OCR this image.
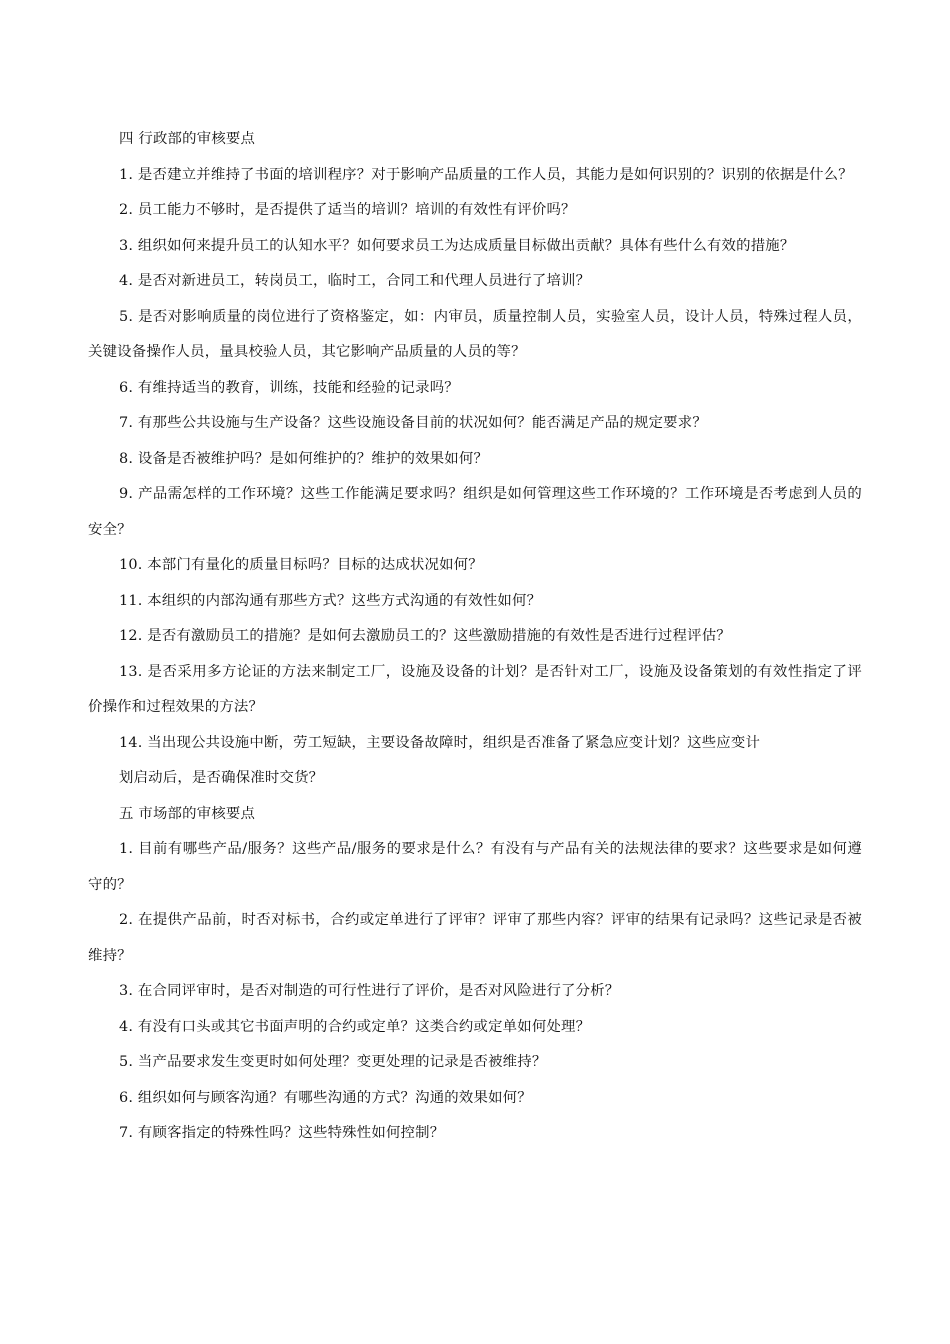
四 行政部的审核要点

1. 是否建立并维持了书面的培训程序？对于影响产品质量的工作人员，其能力是如何识别的？识别的依据是什么？

2. 员工能力不够时，是否提供了适当的培训？培训的有效性有评价吗？

3. 组织如何来提升员工的认知水平？如何要求员工为达成质量目标做出贡献？具体有些什么有效的措施？

4. 是否对新进员工，转岗员工，临时工，合同工和代理人员进行了培训？

5. 是否对影响质量的岗位进行了资格鉴定，如：内审员，质量控制人员，实验室人员，设计人员，特殊过程人员，关键设备操作人员，量具校验人员，其它影响产品质量的人员的等？

6. 有维持适当的教育，训练，技能和经验的记录吗？

7. 有那些公共设施与生产设备？这些设施设备目前的状况如何？能否满足产品的规定要求？

8. 设备是否被维护吗？是如何维护的？维护的效果如何？

9. 产品需怎样的工作环境？这些工作能满足要求吗？组织是如何管理这些工作环境的？工作环境是否考虑到人员的安全？

10. 本部门有量化的质量目标吗？目标的达成状况如何？

11. 本组织的内部沟通有那些方式？这些方式沟通的有效性如何？

12. 是否有激励员工的措施？是如何去激励员工的？这些激励措施的有效性是否进行过程评估？

13. 是否采用多方论证的方法来制定工厂，设施及设备的计划？是否针对工厂，设施及设备策划的有效性指定了评价操作和过程效果的方法？

14. 当出现公共设施中断，劳工短缺，主要设备故障时，组织是否准备了紧急应变计划？这些应变计
划启动后，是否确保准时交货？

五 市场部的审核要点

1. 目前有哪些产品/服务？这些产品/服务的要求是什么？有没有与产品有关的法规法律的要求？这些要求是如何遵守的？

2. 在提供产品前，时否对标书，合约或定单进行了评审？评审了那些内容？评审的结果有记录吗？这些记录是否被维持？

3. 在合同评审时，是否对制造的可行性进行了评价，是否对风险进行了分析？

4. 有没有口头或其它书面声明的合约或定单？这类合约或定单如何处理？

5. 当产品要求发生变更时如何处理？变更处理的记录是否被维持？

6. 组织如何与顾客沟通？有哪些沟通的方式？沟通的效果如何？

7. 有顾客指定的特殊性吗？这些特殊性如何控制？
